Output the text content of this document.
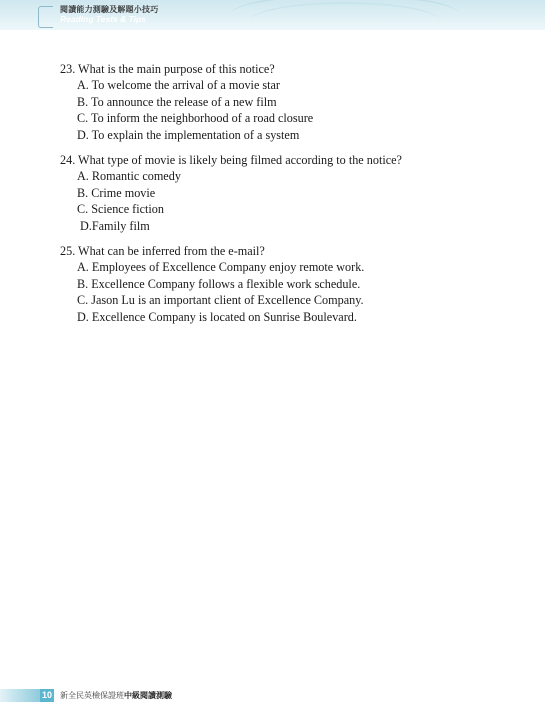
閱讀能力測驗及解題小技巧
Reading Tests & Tips
23. What is the main purpose of this notice?
A. To welcome the arrival of a movie star
B. To announce the release of a new film
C. To inform the neighborhood of a road closure
D. To explain the implementation of a system
24. What type of movie is likely being filmed according to the notice?
A. Romantic comedy
B. Crime movie
C. Science fiction
D.Family film
25. What can be inferred from the e-mail?
A. Employees of Excellence Company enjoy remote work.
B. Excellence Company follows a flexible work schedule.
C. Jason Lu is an important client of Excellence Company.
D. Excellence Company is located on Sunrise Boulevard.
10 新全民英檢保證班中級閱讀測驗
